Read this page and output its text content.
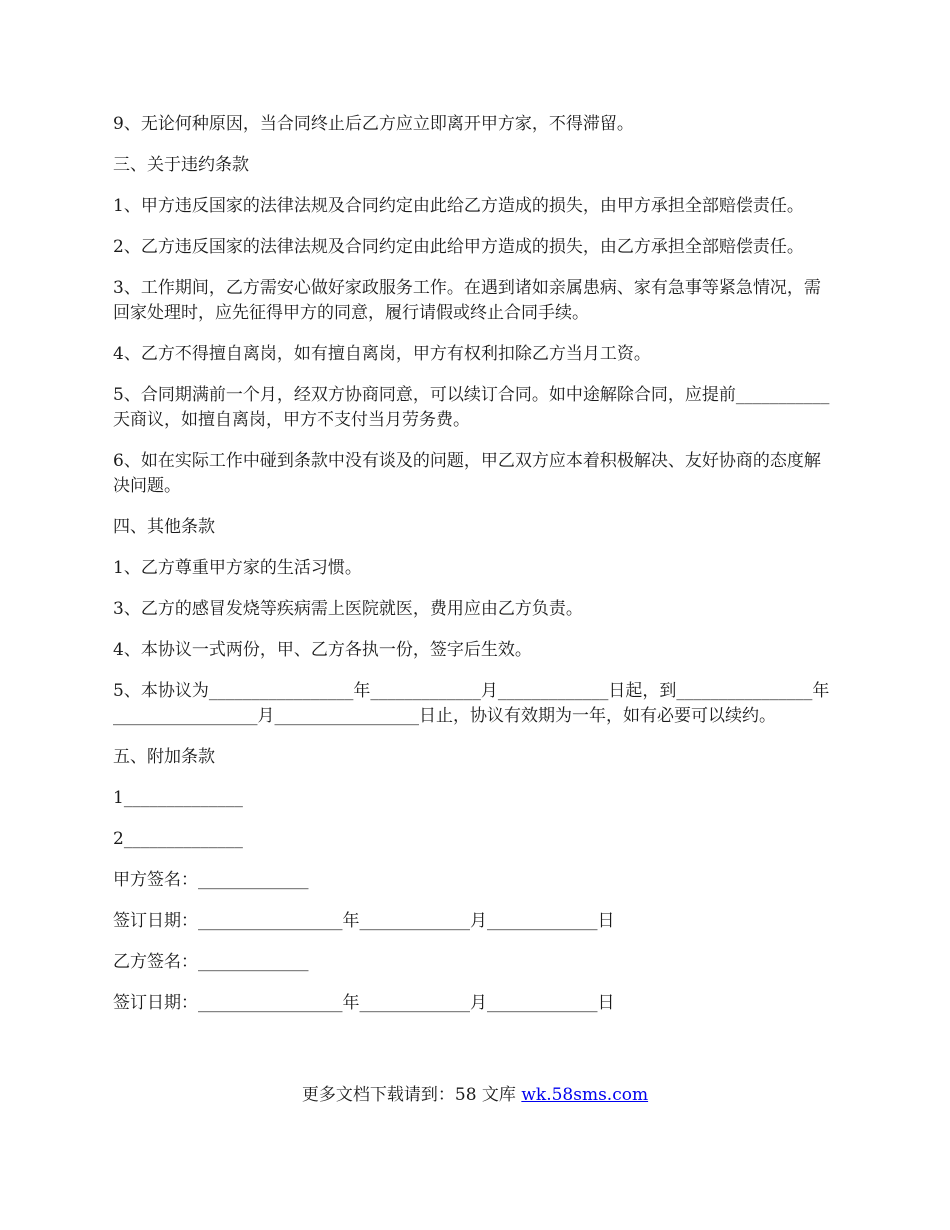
9、无论何种原因，当合同终止后乙方应立即离开甲方家，不得滞留。

三、关于违约条款

1、甲方违反国家的法律法规及合同约定由此给乙方造成的损失，由甲方承担全部赔偿责任。

2、乙方违反国家的法律法规及合同约定由此给甲方造成的损失，由乙方承担全部赔偿责任。

3、工作期间，乙方需安心做好家政服务工作。在遇到诸如亲属患病、家有急事等紧急情况，需回家处理时，应先征得甲方的同意，履行请假或终止合同手续。

4、乙方不得擅自离岗，如有擅自离岗，甲方有权利扣除乙方当月工资。

5、合同期满前一个月，经双方协商同意，可以续订合同。如中途解除合同，应提前___________天商议，如擅自离岗，甲方不支付当月劳务费。

6、如在实际工作中碰到条款中没有谈及的问题，甲乙双方应本着积极解决、友好协商的态度解决问题。

四、其他条款

1、乙方尊重甲方家的生活习惯。

3、乙方的感冒发烧等疾病需上医院就医，费用应由乙方负责。

4、本协议一式两份，甲、乙方各执一份，签字后生效。

5、本协议为_________________年_____________月_____________日起，到________________年_________________月_________________日止，协议有效期为一年，如有必要可以续约。

五、附加条款

1______________

2______________

甲方签名：_____________

签订日期：_________________年_____________月_____________日

乙方签名：_____________

签订日期：_________________年_____________月_____________日

更多文档下载请到：58 文库 wk.58sms.com
